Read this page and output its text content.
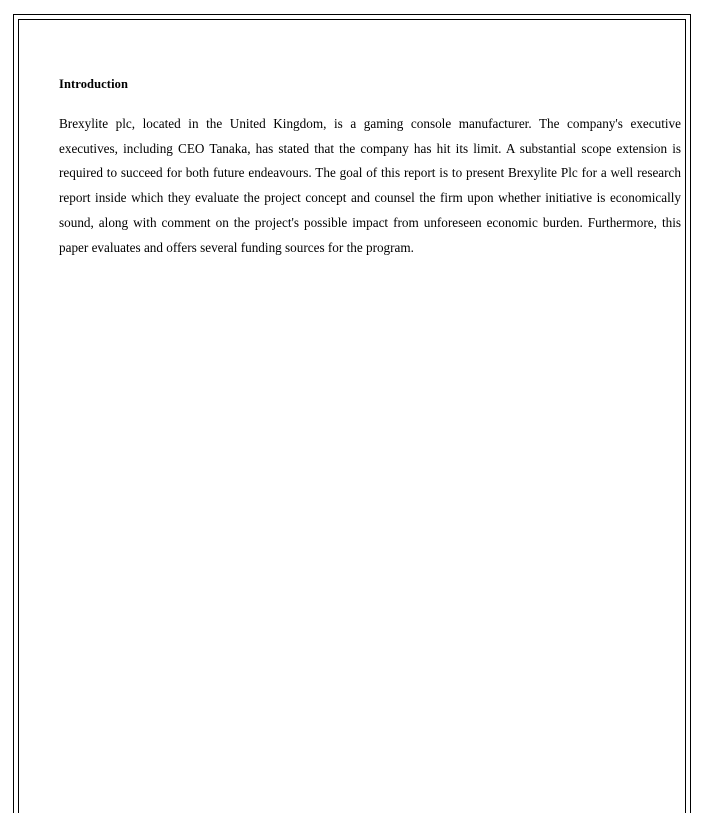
Introduction

Brexylite plc, located in the United Kingdom, is a gaming console manufacturer. The company's executive executives, including CEO Tanaka, has stated that the company has hit its limit. A substantial scope extension is required to succeed for both future endeavours. The goal of this report is to present Brexylite Plc for a well research report inside which they evaluate the project concept and counsel the firm upon whether initiative is economically sound, along with comment on the project's possible impact from unforeseen economic burden. Furthermore, this paper evaluates and offers several funding sources for the program.
